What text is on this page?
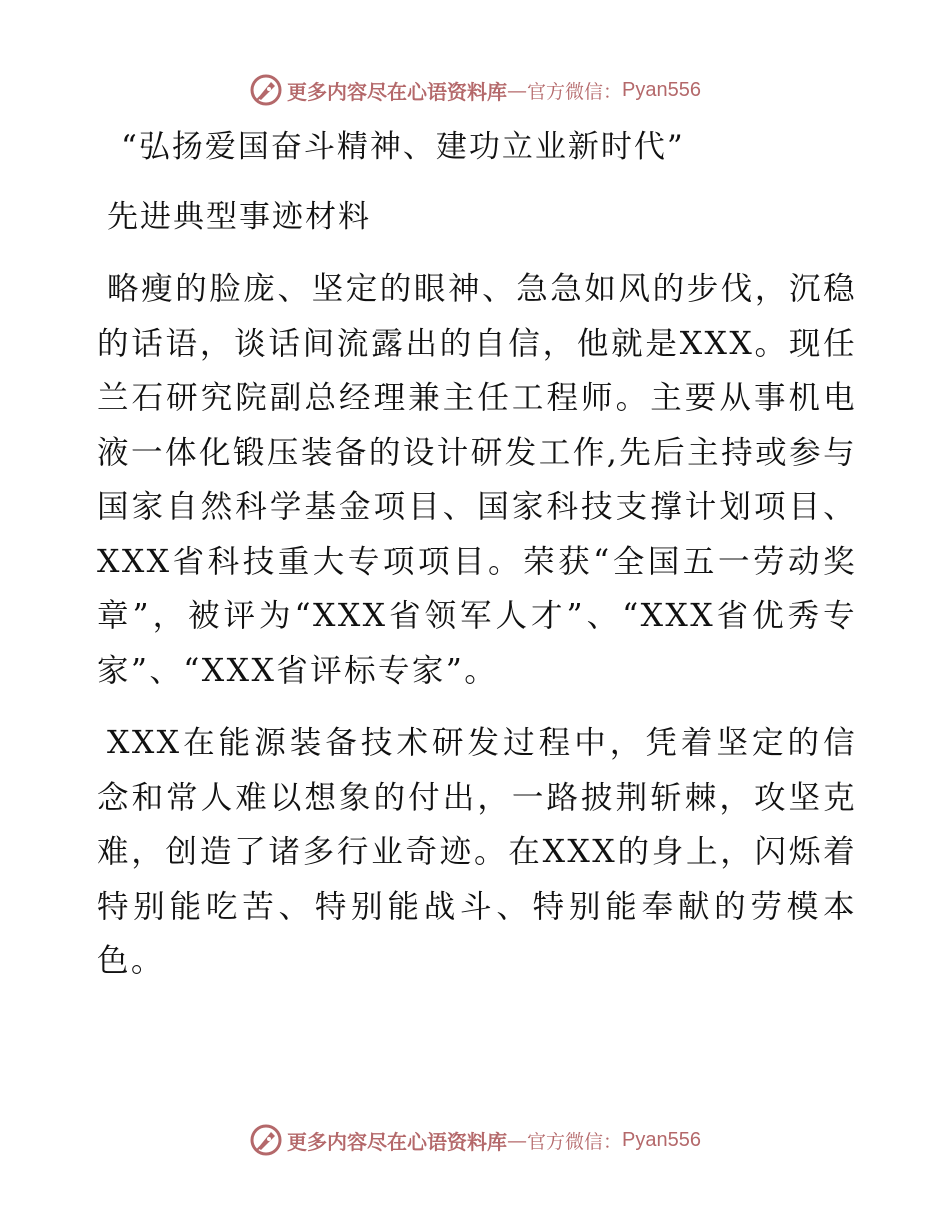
更多内容尽在心语资料库 — 官方微信： Pyan556
“弘扬爱国奋斗精神、建功立业新时代”
先进典型事迹材料
略瘦的脸庞、坚定的眼神、急急如风的步伐，沉稳的话语，谈话间流露出的自信，他就是XXX。现任兰石研究院副总经理兼主任工程师。主要从事机电液一体化锻压装备的设计研发工作,先后主持或参与国家自然科学基金项目、国家科技支撑计划项目、XXX省科技重大专项项目。荣获“全国五一劳动奖章”，被评为“XXX省领军人才”、“XXX省优秀专家”、“XXX省评标专家”。
XXX在能源装备技术研发过程中，凭着坚定的信念和常人难以想象的付出，一路披荆斩棘，攻坚克难，创造了诸多行业奇迹。在XXX的身上，闪烁着特别能吃苦、特别能战斗、特别能奉献的劳模本色。
更多内容尽在心语资料库 — 官方微信： Pyan556
